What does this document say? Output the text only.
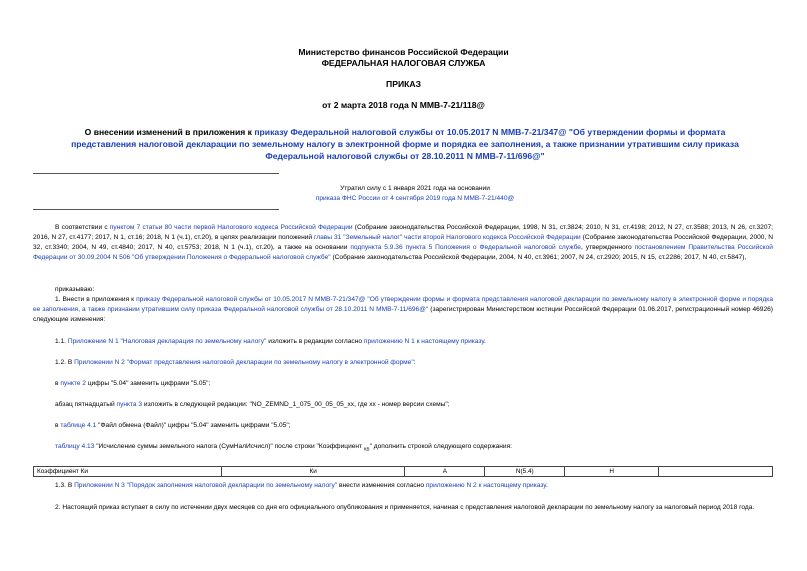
Министерство финансов Российской Федерации
ФЕДЕРАЛЬНАЯ НАЛОГОВАЯ СЛУЖБА
ПРИКАЗ
от 2 марта 2018 года N ММВ-7-21/118@
О внесении изменений в приложения к приказу Федеральной налоговой службы от 10.05.2017 N ММВ-7-21/347@ "Об утверждении формы и формата представления налоговой декларации по земельному налогу в электронной форме и порядка ее заполнения, а также признании утратившим силу приказа Федеральной налоговой службы от 28.10.2011 N ММВ-7-11/696@"
Утратил силу с 1 января 2021 года на основании
приказа ФНС России от 4 сентября 2019 года N ММВ-7-21/440@
В соответствии с пунктом 7 статьи 80 части первой Налогового кодекса Российской Федерации (Собрание законодательства Российской Федерации, 1998, N 31, ст.3824; 2010, N 31, ст.4198; 2012, N 27, ст.3588; 2013, N 26, ст.3207; 2016, N 27, ст.4177; 2017, N 1, ст.16; 2018, N 1 (ч.1), ст.20), в целях реализации положений главы 31 "Земельный налог" части второй Налогового кодекса Российской Федерации (Собрание законодательства Российской Федерации, 2000, N 32, ст.3340; 2004, N 49, ст.4840; 2017, N 40, ст.5753; 2018, N 1 (ч.1), ст.20), а также на основании подпункта 5.9.36 пункта 5 Положения о Федеральной налоговой службе, утвержденного постановлением Правительства Российской Федерации от 30.09.2004 N 506 "Об утверждении Положения о Федеральной налоговой службе" (Собрание законодательства Российской Федерации, 2004, N 40, ст.3961; 2007, N 24, ст.2920; 2015, N 15, ст.2286; 2017, N 40, ст.5847),
приказываю:
1. Внести в приложения к приказу Федеральной налоговой службы от 10.05.2017 N ММВ-7-21/347@ "Об утверждении формы и формата представления налоговой декларации по земельному налогу в электронной форме и порядка ее заполнения, а также признании утратившим силу приказа Федеральной налоговой службы от 28.10.2011 N ММВ-7-11/696@" (зарегистрирован Министерством юстиции Российской Федерации 01.06.2017, регистрационный номер 46926) следующие изменения:
1.1. Приложение N 1 "Налоговая декларация по земельному налогу" изложить в редакции согласно приложению N 1 к настоящему приказу.
1.2. В Приложении N 2 "Формат представления налоговой декларации по земельному налогу в электронной форме":
в пункте 2 цифры "5.04" заменить цифрами "5.05";
абзац пятнадцатый пункта 3 изложить в следующей редакции: "NO_ZEMND_1_075_00_05_05_xx, где xx - номер версии схемы";
в таблице 4.1 "Файл обмена (Файл)" цифры "5.04" заменить цифрами "5.05";
таблицу 4.13 "Исчисление суммы земельного налога (СумНалИсчисл)" после строки "Коэффициент $_{КВ}$" дополнить строкой следующего содержания:
Коэффициент Ки	Ки	А	N(5.4)	Н	
1.3. В Приложении N 3 "Порядок заполнения налоговой декларации по земельному налогу" внести изменения согласно приложению N 2 к настоящему приказу.
2. Настоящий приказ вступает в силу по истечении двух месяцев со дня его официального опубликования и применяется, начиная с представления налоговой декларации по земельному налогу за налоговый период 2018 года.
